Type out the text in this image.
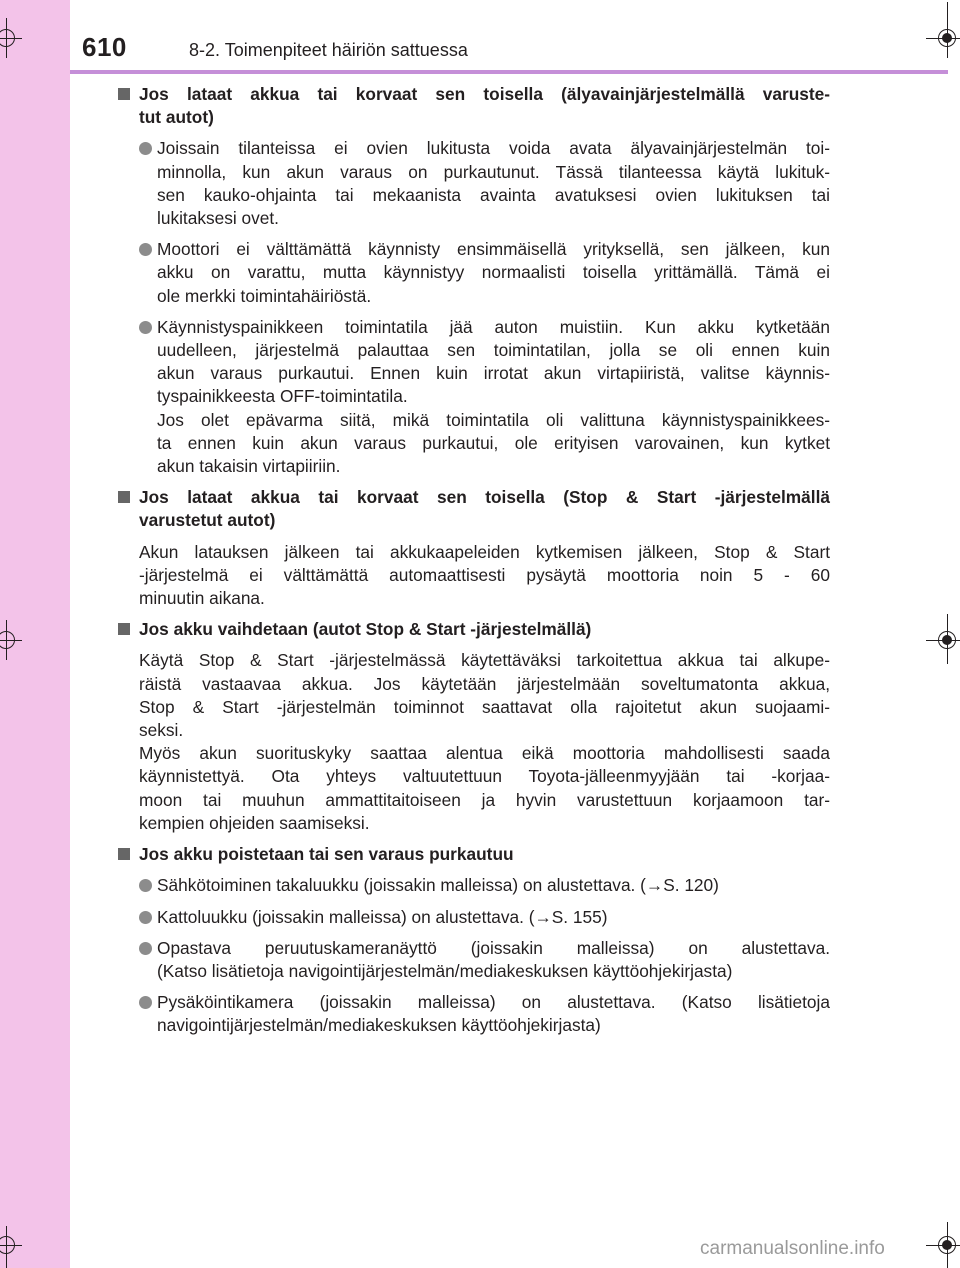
610	8-2. Toimenpiteet häiriön sattuessa
Jos lataat akkua tai korvaat sen toisella (älyavainjärjestelmällä varuste-
tut autot)
Joissain tilanteissa ei ovien lukitusta voida avata älyavainjärjestelmän toi-
minnolla, kun akun varaus on purkautunut. Tässä tilanteessa käytä lukituk-
sen kauko-ohjainta tai mekaanista avainta avatuksesi ovien lukituksen tai
lukitaksesi ovet.
Moottori ei välttämättä käynnisty ensimmäisellä yrityksellä, sen jälkeen, kun
akku on varattu, mutta käynnistyy normaalisti toisella yrittämällä. Tämä ei
ole merkki toimintahäiriöstä.
Käynnistyspainikkeen toimintatila jää auton muistiin. Kun akku kytketään
uudelleen, järjestelmä palauttaa sen toimintatilan, jolla se oli ennen kuin
akun varaus purkautui. Ennen kuin irrotat akun virtapiiristä, valitse käynnis-
tyspainikkeesta OFF-toimintatila.
Jos olet epävarma siitä, mikä toimintatila oli valittuna käynnistyspainikkees-
ta ennen kuin akun varaus purkautui, ole erityisen varovainen, kun kytket
akun takaisin virtapiiriin.
Jos lataat akkua tai korvaat sen toisella (Stop & Start -järjestelmällä
varustetut autot)
Akun latauksen jälkeen tai akkukaapeleiden kytkemisen jälkeen, Stop & Start
-järjestelmä ei välttämättä automaattisesti pysäytä moottoria noin 5 - 60
minuutin aikana.
Jos akku vaihdetaan (autot Stop & Start -järjestelmällä)
Käytä Stop & Start -järjestelmässä käytettäväksi tarkoitettua akkua tai alkupe-
räistä vastaavaa akkua. Jos käytetään järjestelmään soveltumatonta akkua,
Stop & Start -järjestelmän toiminnot saattavat olla rajoitetut akun suojaami-
seksi.
Myös akun suorituskyky saattaa alentua eikä moottoria mahdollisesti saada
käynnistettyä. Ota yhteys valtuutettuun Toyota-jälleenmyyjään tai -korjaa-
moon tai muuhun ammattitaitoiseen ja hyvin varustettuun korjaamoon tar-
kempien ohjeiden saamiseksi.
Jos akku poistetaan tai sen varaus purkautuu
Sähkötoiminen takaluukku (joissakin malleissa) on alustettava. (→S. 120)
Kattoluukku (joissakin malleissa) on alustettava. (→S. 155)
Opastava peruutuskameranäyttö (joissakin malleissa) on alustettava.
(Katso lisätietoja navigointijärjestelmän/mediakeskuksen käyttöohjekirjasta)
Pysäköintikamera (joissakin malleissa) on alustettava. (Katso lisätietoja
navigointijärjestelmän/mediakeskuksen käyttöohjekirjasta)
carmanualsonline.info
